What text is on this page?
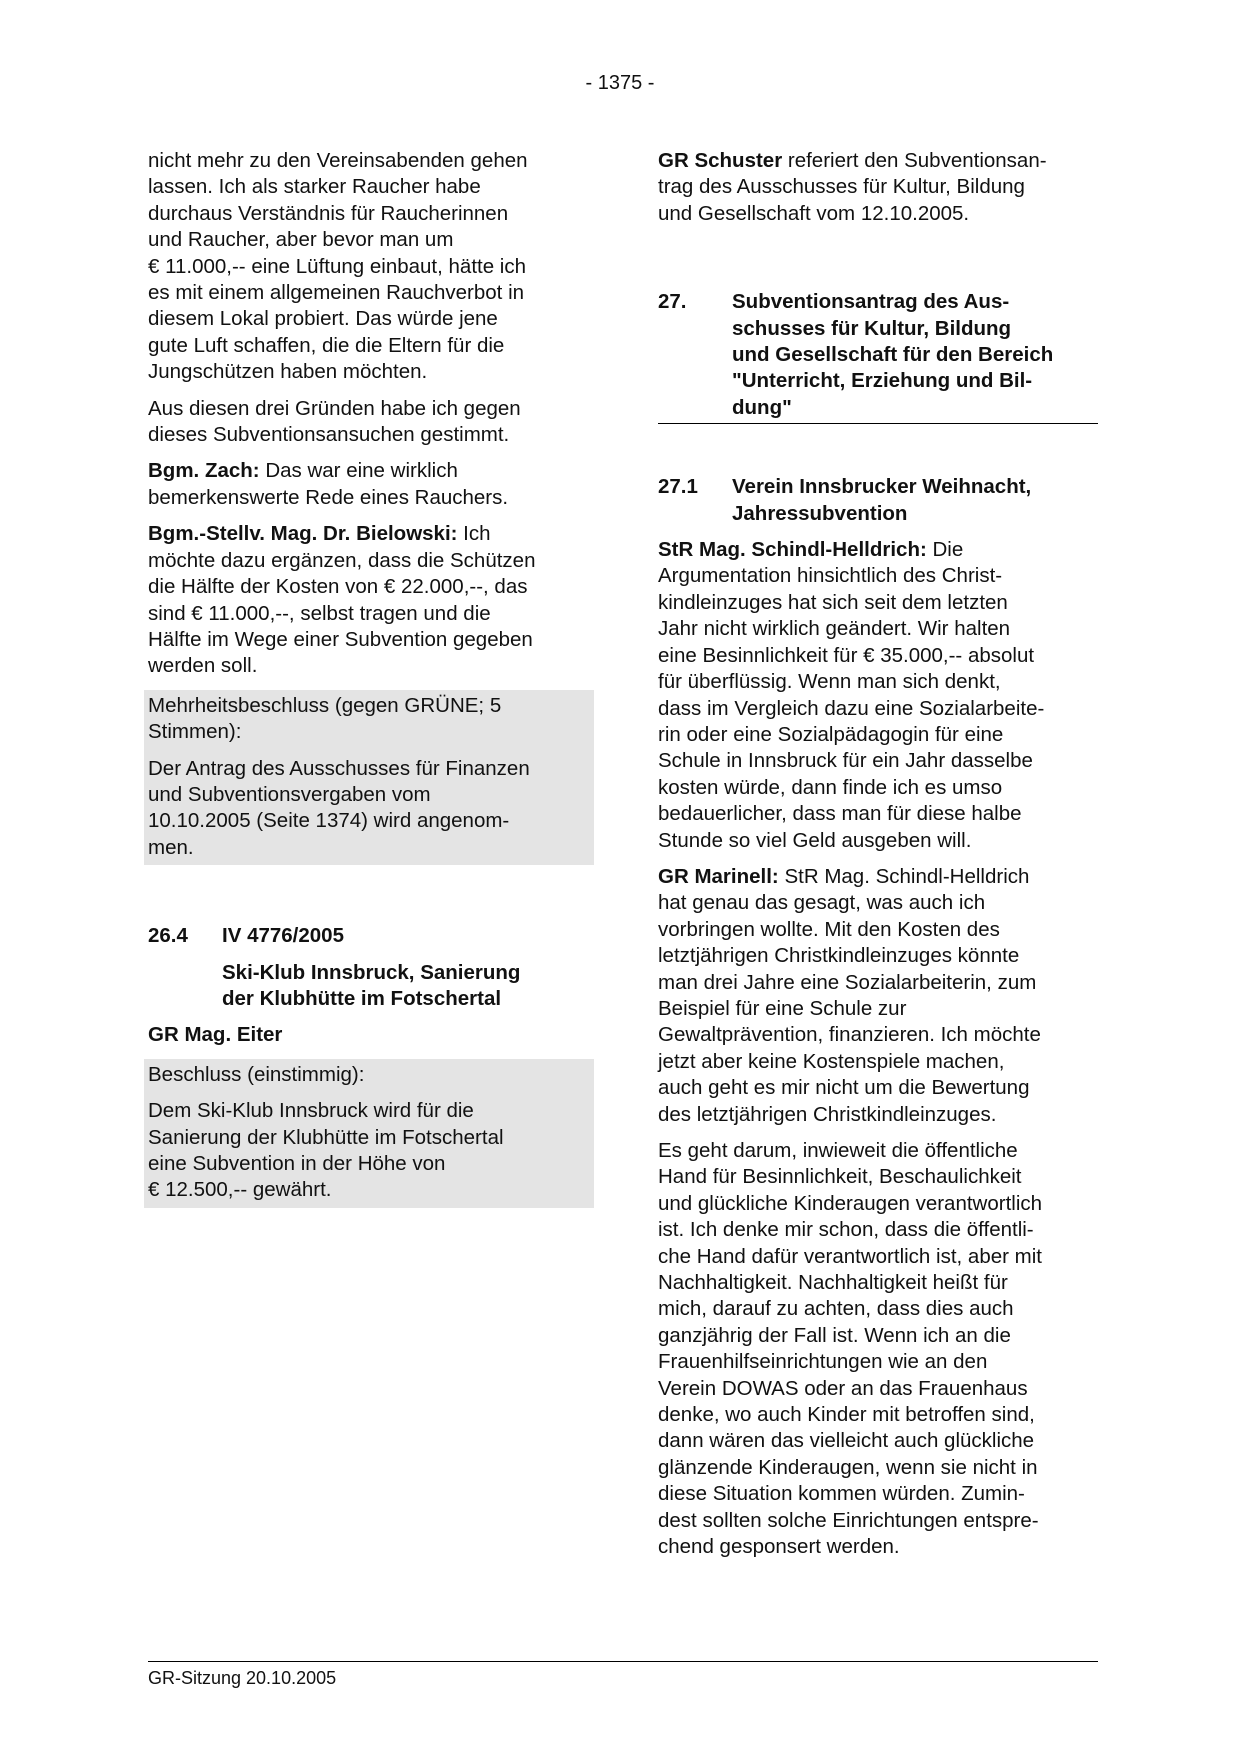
- 1375 -

nicht mehr zu den Vereinsabenden gehen
lassen. Ich als starker Raucher habe
durchaus Verständnis für Raucherinnen
und Raucher, aber bevor man um
€ 11.000,-- eine Lüftung einbaut, hätte ich
es mit einem allgemeinen Rauchverbot in
diesem Lokal probiert. Das würde jene
gute Luft schaffen, die die Eltern für die
Jungschützen haben möchten.

Aus diesen drei Gründen habe ich gegen
dieses Subventionsansuchen gestimmt.

Bgm. Zach: Das war eine wirklich
bemerkenswerte Rede eines Rauchers.

Bgm.-Stellv. Mag. Dr. Bielowski: Ich
möchte dazu ergänzen, dass die Schützen
die Hälfte der Kosten von € 22.000,--, das
sind € 11.000,--, selbst tragen und die
Hälfte im Wege einer Subvention gegeben
werden soll.

Mehrheitsbeschluss (gegen GRÜNE; 5
Stimmen):

Der Antrag des Ausschusses für Finanzen
und Subventionsvergaben vom
10.10.2005 (Seite 1374) wird angenom-
men.

26.4 IV 4776/2005
Ski-Klub Innsbruck, Sanierung
der Klubhütte im Fotschertal

GR Mag. Eiter

Beschluss (einstimmig):

Dem Ski-Klub Innsbruck wird für die
Sanierung der Klubhütte im Fotschertal
eine Subvention in der Höhe von
€ 12.500,-- gewährt.

GR Schuster referiert den Subventionsan-
trag des Ausschusses für Kultur, Bildung
und Gesellschaft vom 12.10.2005.

27. Subventionsantrag des Aus-
schusses für Kultur, Bildung
und Gesellschaft für den Bereich
"Unterricht, Erziehung und Bil-
dung"
27.1 Verein Innsbrucker Weihnacht,
Jahressubvention

StR Mag. Schindl-Helldrich: Die
Argumentation hinsichtlich des Christ-
kindleinzuges hat sich seit dem letzten
Jahr nicht wirklich geändert. Wir halten
eine Besinnlichkeit für € 35.000,-- absolut
für überflüssig. Wenn man sich denkt,
dass im Vergleich dazu eine Sozialarbeite-
rin oder eine Sozialpädagogin für eine
Schule in Innsbruck für ein Jahr dasselbe
kosten würde, dann finde ich es umso
bedauerlicher, dass man für diese halbe
Stunde so viel Geld ausgeben will.

GR Marinell: StR Mag. Schindl-Helldrich
hat genau das gesagt, was auch ich
vorbringen wollte. Mit den Kosten des
letztjährigen Christkindleinzuges könnte
man drei Jahre eine Sozialarbeiterin, zum
Beispiel für eine Schule zur
Gewaltprävention, finanzieren. Ich möchte
jetzt aber keine Kostenspiele machen,
auch geht es mir nicht um die Bewertung
des letztjährigen Christkindleinzuges.

Es geht darum, inwieweit die öffentliche
Hand für Besinnlichkeit, Beschaulichkeit
und glückliche Kinderaugen verantwortlich
ist. Ich denke mir schon, dass die öffentli-
che Hand dafür verantwortlich ist, aber mit
Nachhaltigkeit. Nachhaltigkeit heißt für
mich, darauf zu achten, dass dies auch
ganzjährig der Fall ist. Wenn ich an die
Frauenhilfseinrichtungen wie an den
Verein DOWAS oder an das Frauenhaus
denke, wo auch Kinder mit betroffen sind,
dann wären das vielleicht auch glückliche
glänzende Kinderaugen, wenn sie nicht in
diese Situation kommen würden. Zumin-
dest sollten solche Einrichtungen entspre-
chend gesponsert werden.

GR-Sitzung 20.10.2005
